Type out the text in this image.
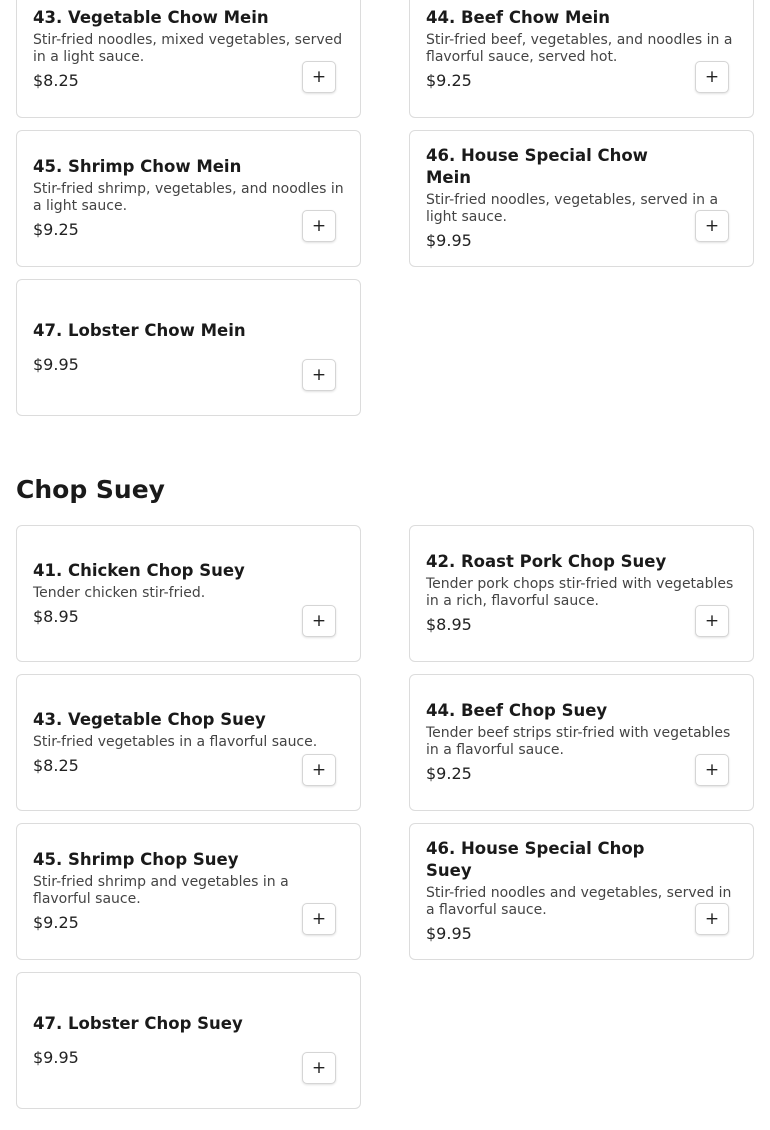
43. Vegetable Chow Mein
Stir-fried noodles, mixed vegetables, served in a light sauce.
$8.25	+
44. Beef Chow Mein
Stir-fried beef, vegetables, and noodles in a flavorful sauce, served hot.
$9.25	+
45. Shrimp Chow Mein
Stir-fried shrimp, vegetables, and noodles in a light sauce.
$9.25	+
46. House Special Chow Mein
Stir-fried noodles, vegetables, served in a light sauce.
$9.95
+
47. Lobster Chow Mein
$9.95
+
Chop Suey
41. Chicken Chop Suey
Tender chicken stir-fried.
$8.95	+
42. Roast Pork Chop Suey
Tender pork chops stir-fried with vegetables in a rich, flavorful sauce.
$8.95	+
43. Vegetable Chop Suey
Stir-fried vegetables in a flavorful sauce.
$8.25	+
44. Beef Chop Suey
Tender beef strips stir-fried with vegetables in a flavorful sauce.
$9.25	+
45. Shrimp Chop Suey
Stir-fried shrimp and vegetables in a flavorful sauce.
$9.25	+
46. House Special Chop Suey
Stir-fried noodles and vegetables, served in a flavorful sauce.
$9.95
+
47. Lobster Chop Suey
$9.95
+
